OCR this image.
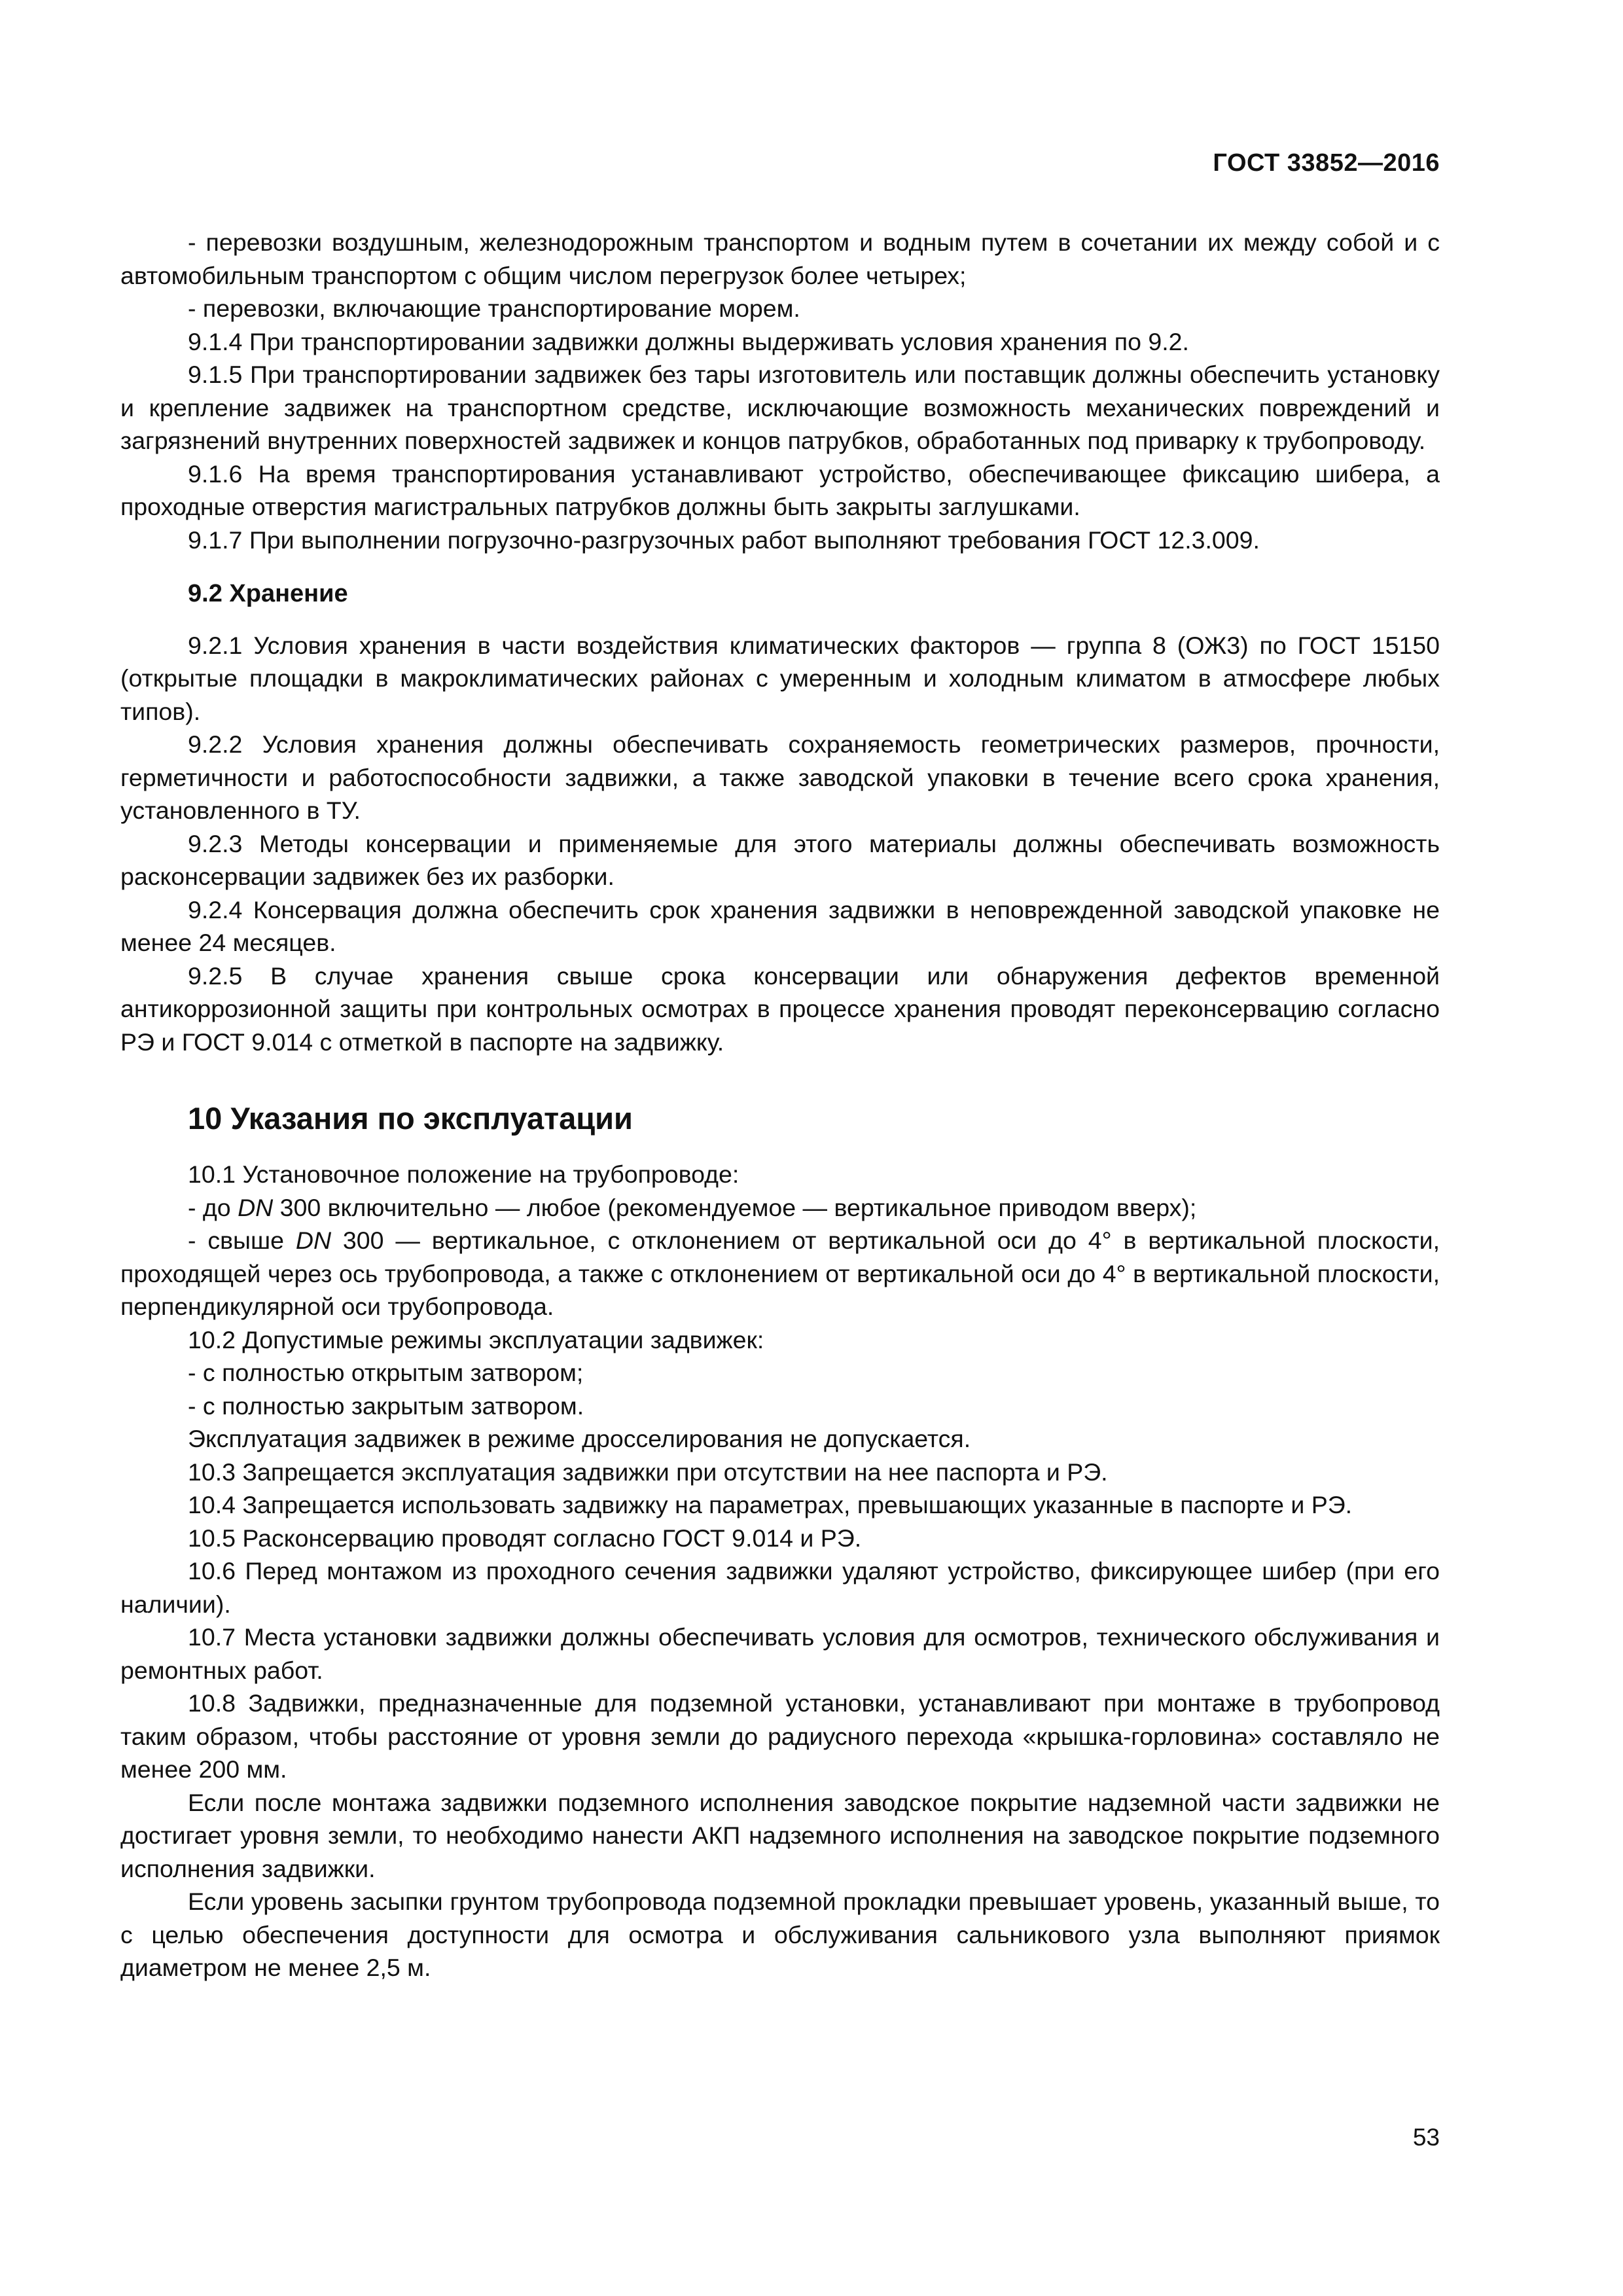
ГОСТ 33852—2016

- перевозки воздушным, железнодорожным транспортом и водным путем в сочетании их между собой и с автомобильным транспортом с общим числом перегрузок более четырех;

- перевозки, включающие транспортирование морем.

9.1.4 При транспортировании задвижки должны выдерживать условия хранения по 9.2.

9.1.5 При транспортировании задвижек без тары изготовитель или поставщик должны обеспечить установку и крепление задвижек на транспортном средстве, исключающие возможность механических повреждений и загрязнений внутренних поверхностей задвижек и концов патрубков, обработанных под приварку к трубопроводу.

9.1.6 На время транспортирования устанавливают устройство, обеспечивающее фиксацию шибера, а проходные отверстия магистральных патрубков должны быть закрыты заглушками.

9.1.7 При выполнении погрузочно-разгрузочных работ выполняют требования ГОСТ 12.3.009.

9.2 Хранение

9.2.1 Условия хранения в части воздействия климатических факторов — группа 8 (ОЖ3) по ГОСТ 15150 (открытые площадки в макроклиматических районах с умеренным и холодным климатом в атмосфере любых типов).

9.2.2 Условия хранения должны обеспечивать сохраняемость геометрических размеров, прочности, герметичности и работоспособности задвижки, а также заводской упаковки в течение всего срока хранения, установленного в ТУ.

9.2.3 Методы консервации и применяемые для этого материалы должны обеспечивать возможность расконсервации задвижек без их разборки.

9.2.4 Консервация должна обеспечить срок хранения задвижки в неповрежденной заводской упаковке не менее 24 месяцев.

9.2.5 В случае хранения свыше срока консервации или обнаружения дефектов временной антикоррозионной защиты при контрольных осмотрах в процессе хранения проводят переконсервацию согласно РЭ и ГОСТ 9.014 с отметкой в паспорте на задвижку.

10 Указания по эксплуатации

10.1 Установочное положение на трубопроводе:

- до DN 300 включительно — любое (рекомендуемое — вертикальное приводом вверх);

- свыше DN 300 — вертикальное, с отклонением от вертикальной оси до 4° в вертикальной плоскости, проходящей через ось трубопровода, а также с отклонением от вертикальной оси до 4° в вертикальной плоскости, перпендикулярной оси трубопровода.

10.2 Допустимые режимы эксплуатации задвижек:

- с полностью открытым затвором;

- с полностью закрытым затвором.

Эксплуатация задвижек в режиме дросселирования не допускается.

10.3 Запрещается эксплуатация задвижки при отсутствии на нее паспорта и РЭ.

10.4 Запрещается использовать задвижку на параметрах, превышающих указанные в паспорте и РЭ.

10.5 Расконсервацию проводят согласно ГОСТ 9.014 и РЭ.

10.6 Перед монтажом из проходного сечения задвижки удаляют устройство, фиксирующее шибер (при его наличии).

10.7 Места установки задвижки должны обеспечивать условия для осмотров, технического обслуживания и ремонтных работ.

10.8 Задвижки, предназначенные для подземной установки, устанавливают при монтаже в трубопровод таким образом, чтобы расстояние от уровня земли до радиусного перехода «крышка-горловина» составляло не менее 200 мм.

Если после монтажа задвижки подземного исполнения заводское покрытие надземной части задвижки не достигает уровня земли, то необходимо нанести АКП надземного исполнения на заводское покрытие подземного исполнения задвижки.

Если уровень засыпки грунтом трубопровода подземной прокладки превышает уровень, указанный выше, то с целью обеспечения доступности для осмотра и обслуживания сальникового узла выполняют приямок диаметром не менее 2,5 м.

53
